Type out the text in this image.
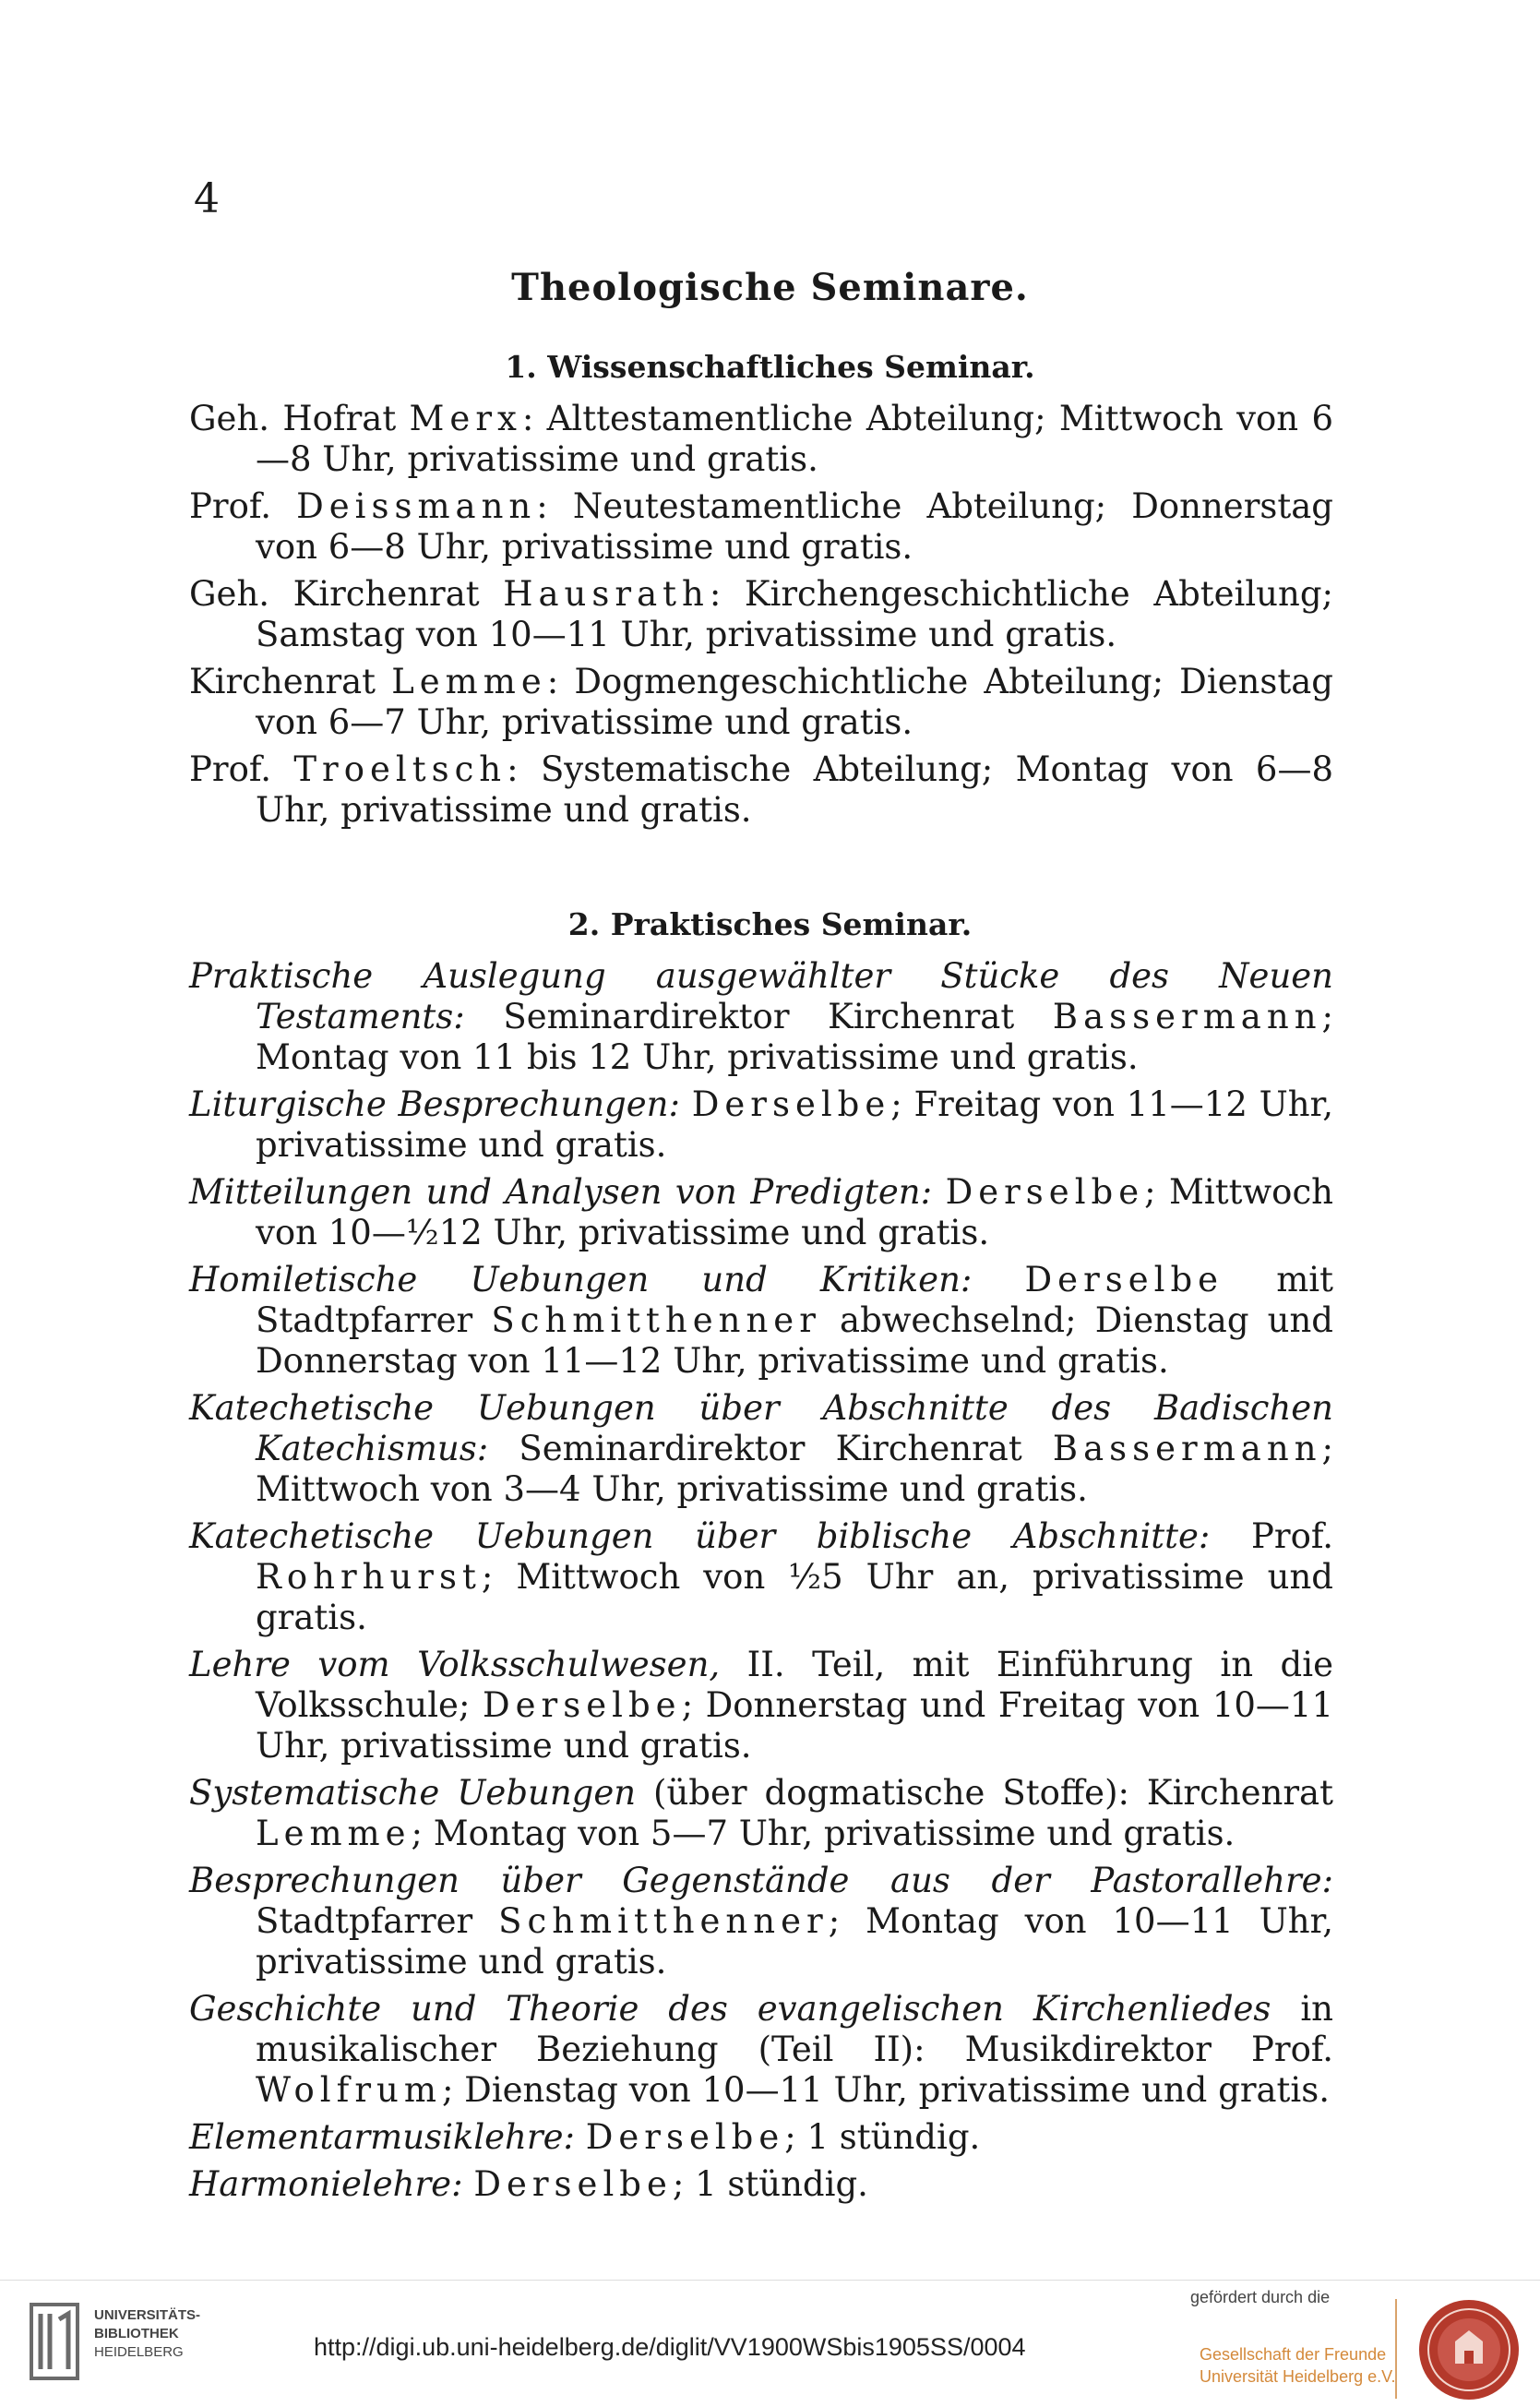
4
Theologische Seminare.
1. Wissenschaftliches Seminar.
Geh. Hofrat Merx: Alttestamentliche Abteilung; Mittwoch von 6—8 Uhr, privatissime und gratis.
Prof. Deissmann: Neutestamentliche Abteilung; Donnerstag von 6—8 Uhr, privatissime und gratis.
Geh. Kirchenrat Hausrath: Kirchengeschichtliche Abteilung; Samstag von 10—11 Uhr, privatissime und gratis.
Kirchenrat Lemme: Dogmengeschichtliche Abteilung; Dienstag von 6—7 Uhr, privatissime und gratis.
Prof. Troeltsch: Systematische Abteilung; Montag von 6—8 Uhr, privatissime und gratis.
2. Praktisches Seminar.
Praktische Auslegung ausgewählter Stücke des Neuen Testaments: Seminardirektor Kirchenrat Bassermann; Montag von 11 bis 12 Uhr, privatissime und gratis.
Liturgische Besprechungen: Derselbe; Freitag von 11—12 Uhr, privatissime und gratis.
Mitteilungen und Analysen von Predigten: Derselbe; Mittwoch von 10—½12 Uhr, privatissime und gratis.
Homiletische Uebungen und Kritiken: Derselbe mit Stadtpfarrer Schmitthenner abwechselnd; Dienstag und Donnerstag von 11—12 Uhr, privatissime und gratis.
Katechetische Uebungen über Abschnitte des Badischen Katechismus: Seminardirektor Kirchenrat Bassermann; Mittwoch von 3—4 Uhr, privatissime und gratis.
Katechetische Uebungen über biblische Abschnitte: Prof. Rohrhurst; Mittwoch von ½5 Uhr an, privatissime und gratis.
Lehre vom Volksschulwesen, II. Teil, mit Einführung in die Volksschule; Derselbe; Donnerstag und Freitag von 10—11 Uhr, privatissime und gratis.
Systematische Uebungen (über dogmatische Stoffe): Kirchenrat Lemme; Montag von 5—7 Uhr, privatissime und gratis.
Besprechungen über Gegenstände aus der Pastorallehre: Stadtpfarrer Schmitthenner; Montag von 10—11 Uhr, privatissime und gratis.
Geschichte und Theorie des evangelischen Kirchenliedes in musikalischer Beziehung (Teil II): Musikdirektor Prof. Wolfrum; Dienstag von 10—11 Uhr, privatissime und gratis.
Elementarmusiklehre: Derselbe; 1 stündig.
Harmonielehre: Derselbe; 1 stündig.
UNIVERSITÄTS-
BIBLIOTHEK
HEIDELBERG	http://digi.ub.uni-heidelberg.de/diglit/VV1900WSbis1905SS/0004
gefördert durch die
Gesellschaft der Freunde
Universität Heidelberg e.V.
